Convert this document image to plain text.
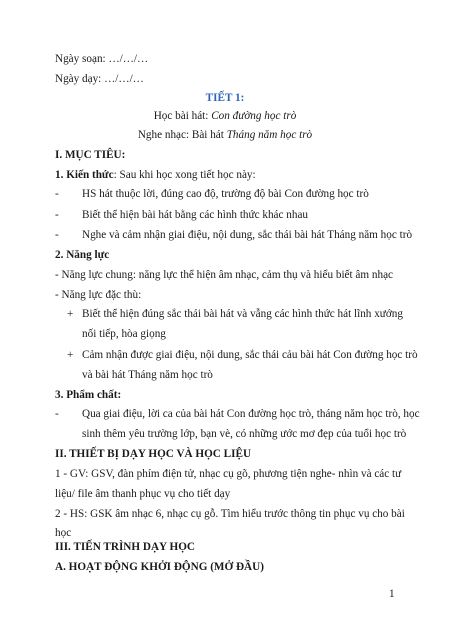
Ngày soạn: …/…/…
Ngày dạy: …/…/…
TIẾT 1:
Học bài hát: Con đường học trò
Nghe nhạc: Bài hát Tháng năm học trò
I. MỤC TIÊU:
1. Kiến thức: Sau khi học xong tiết học này:
- HS hát thuộc lời, đúng cao độ, trường độ bài Con đường học trò
- Biết thể hiện bài hát bằng các hình thức khác nhau
- Nghe và cảm nhận giai điệu, nội dung, sắc thái bài hát Tháng năm học trò
2. Năng lực
- Năng lực chung: năng lực thể hiện âm nhạc, cảm thụ và hiểu biết âm nhạc
- Năng lực đặc thù:
+ Biết thể hiện đúng sắc thái bài hát và vẫng các hình thức hát lĩnh xướng
nối tiếp, hòa giọng
+ Cảm nhận được giai điệu, nội dung, sắc thái cảu bài hát Con đường học trò
và bài hát Tháng năm học trò
3. Phẩm chất:
- Qua giai điệu, lời ca của bài hát Con đường học trò, tháng năm học trò, học
sinh thêm yêu trường lớp, bạn vè, có những ước mơ đẹp của tuổi học trò
II. THIẾT BỊ DẠY HỌC VÀ HỌC LIỆU
1 - GV: GSV, đàn phím điện tử, nhạc cụ gõ, phương tiện nghe- nhìn và các tư
liệu/ file âm thanh phục vụ cho tiết dạy
2 - HS: GSK âm nhạc 6, nhạc cụ gỗ. Tìm hiểu trước thông tin phục vụ cho bài
học
III. TIẾN TRÌNH DẠY HỌC
A. HOẠT ĐỘNG KHỞI ĐỘNG (MỞ ĐẦU)
1
